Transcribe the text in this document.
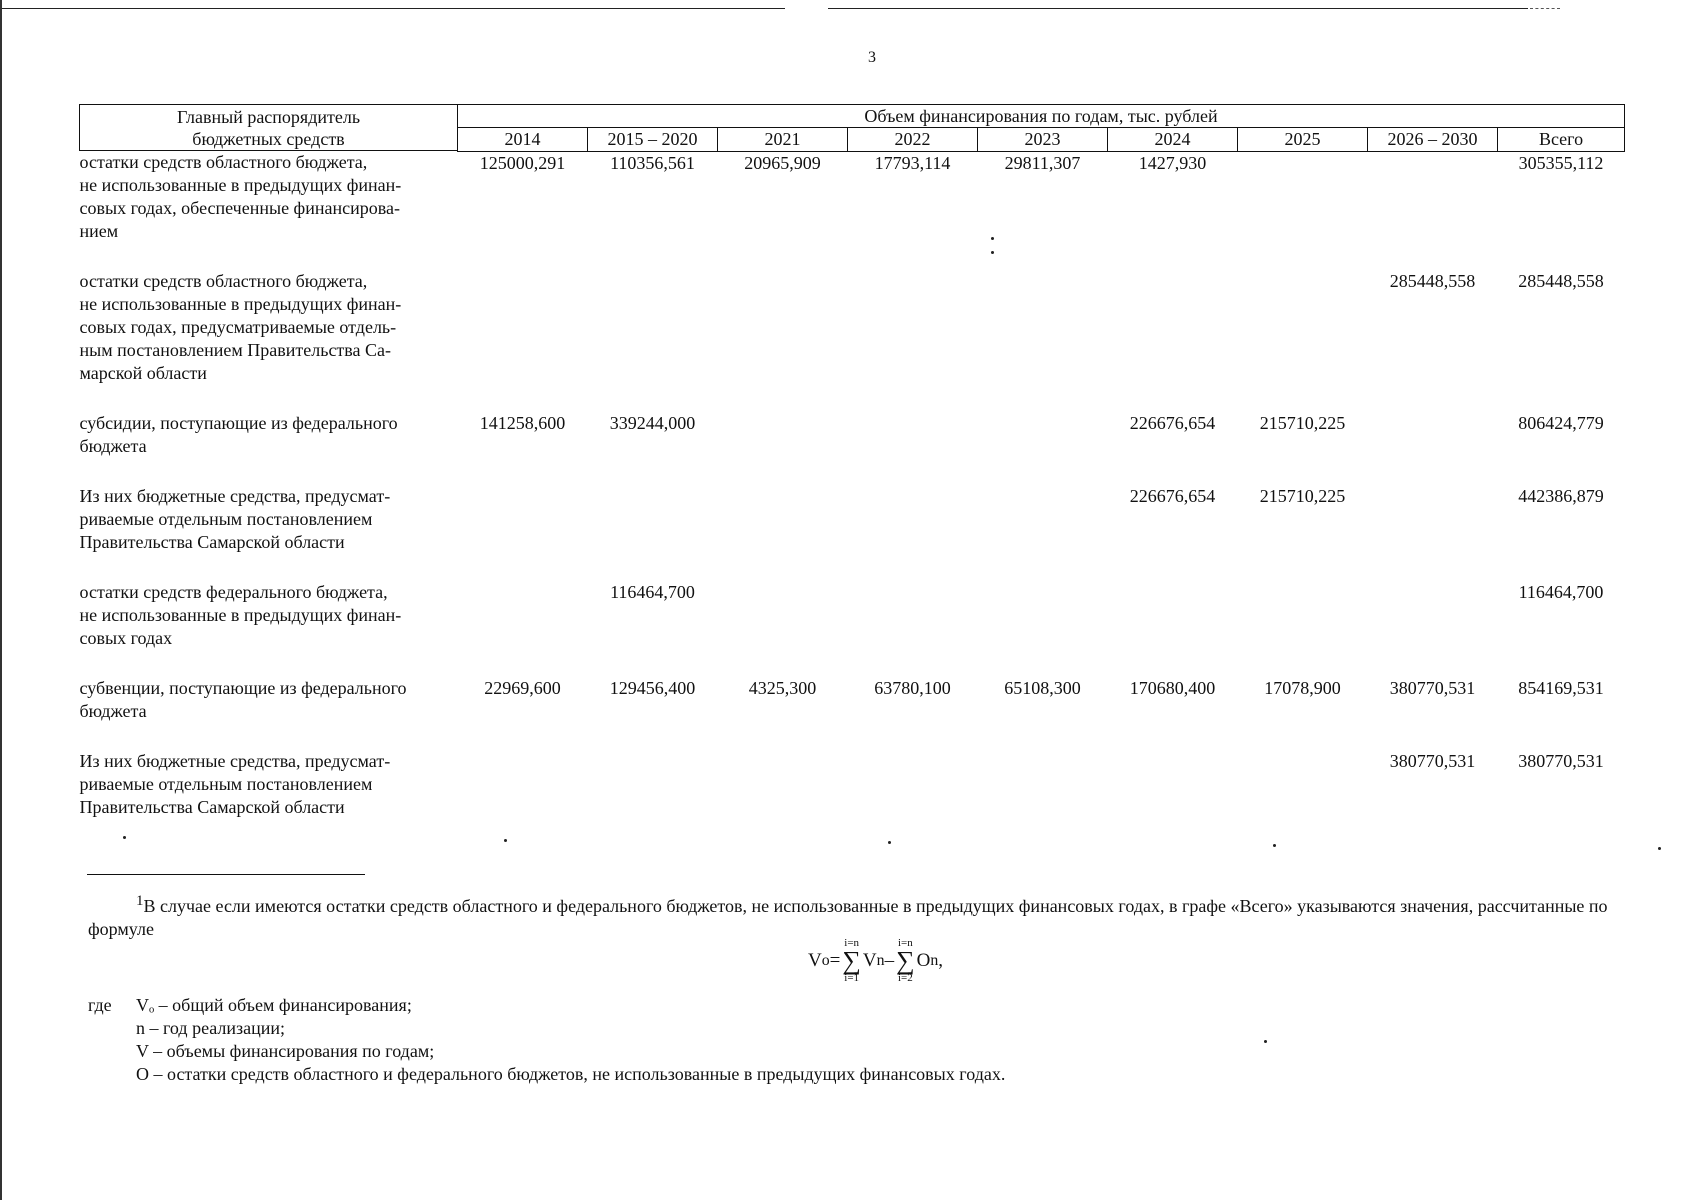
3
Главный распорядитель
бюджетных средств	Объем финансирования по годам, тыс. рублей								
	2014	2015 – 2020	2021	2022	2023	2024	2025	2026 – 2030	Всего

остатки средств областного бюджета,
не использованные в предыдущих финан-
совых годах, обеспеченные финансирова-
нием	125000,291	110356,561	20965,909	17793,114	29811,307	1427,930			305355,112

остатки средств областного бюджета,
не использованные в предыдущих финан-
совых годах, предусматриваемые отдель-
ным постановлением Правительства Са-
марской области								285448,558	285448,558

субсидии, поступающие из федерального
бюджета	141258,600	339244,000				226676,654	215710,225		806424,779

Из них бюджетные средства, предусмат-
риваемые отдельным постановлением
Правительства Самарской области						226676,654	215710,225		442386,879

остатки средств федерального бюджета,
не использованные в предыдущих финан-
совых годах		116464,700							116464,700

субвенции, поступающие из федерального
бюджета	22969,600	129456,400	4325,300	63780,100	65108,300	170680,400	17078,900	380770,531	854169,531

Из них бюджетные средства, предусмат-
риваемые отдельным постановлением
Правительства Самарской области								380770,531	380770,531
$^1$В случае если имеются остатки средств областного и федерального бюджетов, не использованные в предыдущих финансовых годах, в графе «Всего» указываются значения, рассчитанные по формуле
V o =
i=n
∑
i=1
V n –
i=n
∑
i=2
O n ,
где	Vₒ – общий объем финансирования;
n – год реализации;
V – объемы финансирования по годам;
O – остатки средств областного и федерального бюджетов, не использованные в предыдущих финансовых годах.
